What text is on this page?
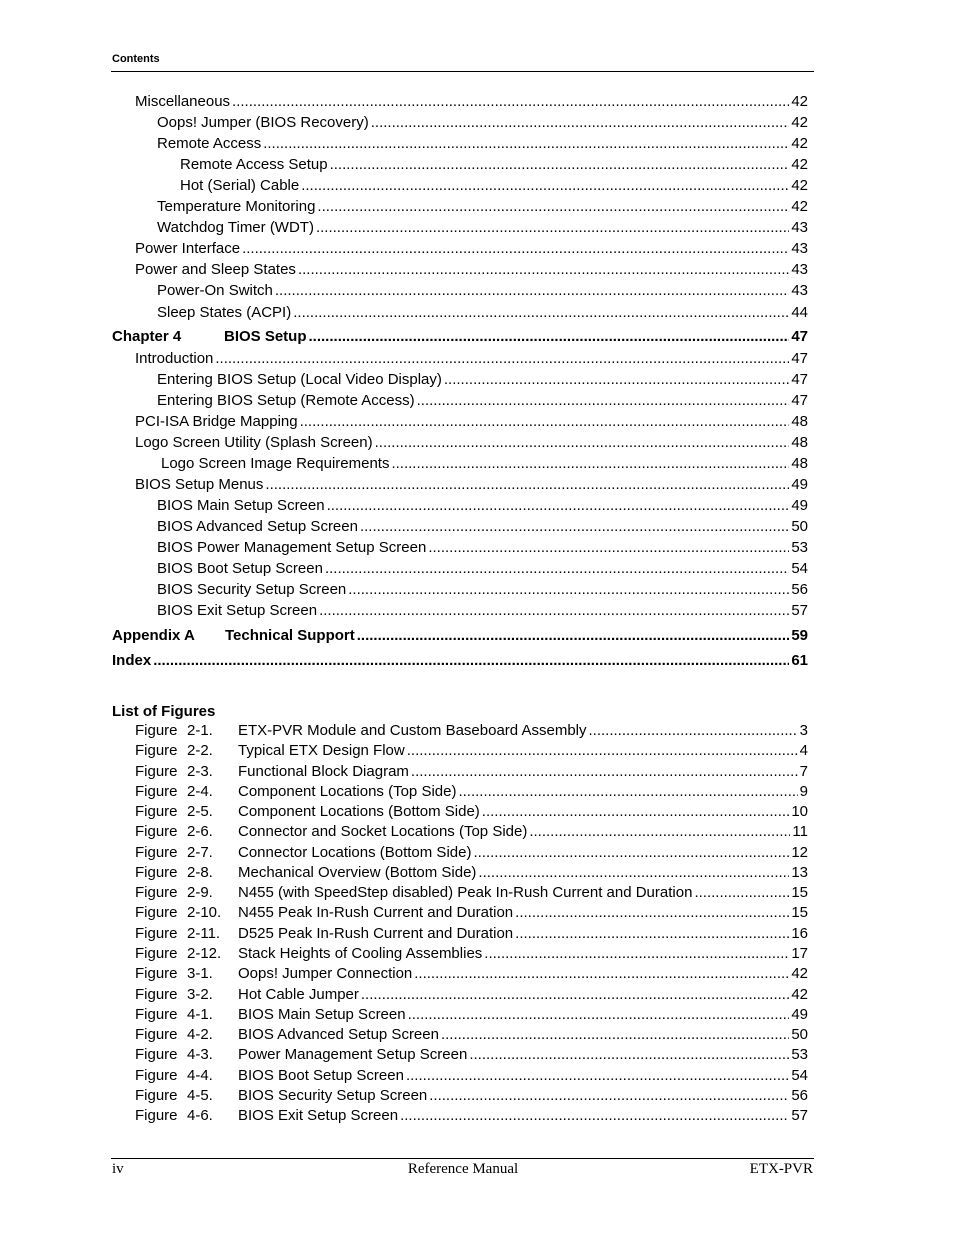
Contents
Miscellaneous .....	42
Oops! Jumper (BIOS Recovery) .....	42
Remote Access .....	42
Remote Access Setup .....	42
Hot (Serial) Cable .....	42
Temperature Monitoring .....	42
Watchdog Timer (WDT) .....	43
Power Interface .....	43
Power and Sleep States .....	43
Power-On Switch .....	43
Sleep States (ACPI) .....	44
Chapter 4	BIOS Setup .....	47
Introduction .....	47
Entering BIOS Setup (Local Video Display) .....	47
Entering BIOS Setup (Remote Access) .....	47
PCI-ISA Bridge Mapping .....	48
Logo Screen Utility (Splash Screen) .....	48
Logo Screen Image Requirements .....	48
BIOS Setup Menus .....	49
BIOS Main Setup Screen .....	49
BIOS Advanced Setup Screen .....	50
BIOS Power Management Setup Screen .....	53
BIOS Boot Setup Screen .....	54
BIOS Security Setup Screen .....	56
BIOS Exit Setup Screen .....	57
Appendix A Technical Support .....	59
Index .....	61
List of Figures
Figure 2-1.	ETX-PVR Module and Custom Baseboard Assembly .....	3
Figure 2-2.	Typical ETX Design Flow .....	4
Figure 2-3.	Functional Block Diagram .....	7
Figure 2-4.	Component Locations (Top Side) .....	9
Figure 2-5.	Component Locations (Bottom Side) .....	10
Figure 2-6.	Connector and Socket Locations (Top Side) .....	11
Figure 2-7.	Connector Locations (Bottom Side) .....	12
Figure 2-8.	Mechanical Overview (Bottom Side) .....	13
Figure 2-9.	N455 (with SpeedStep disabled) Peak In-Rush Current and Duration .....	15
Figure 2-10.	N455 Peak In-Rush Current and Duration .....	15
Figure 2-11.	D525 Peak In-Rush Current and Duration .....	16
Figure 2-12.	Stack Heights of Cooling Assemblies .....	17
Figure 3-1.	Oops! Jumper Connection .....	42
Figure 3-2.	Hot Cable Jumper .....	42
Figure 4-1.	BIOS Main Setup Screen .....	49
Figure 4-2.	BIOS Advanced Setup Screen .....	50
Figure 4-3.	Power Management Setup Screen .....	53
Figure 4-4.	BIOS Boot Setup Screen .....	54
Figure 4-5.	BIOS Security Setup Screen .....	56
Figure 4-6.	BIOS Exit Setup Screen .....	57
iv	Reference Manual	ETX-PVR
